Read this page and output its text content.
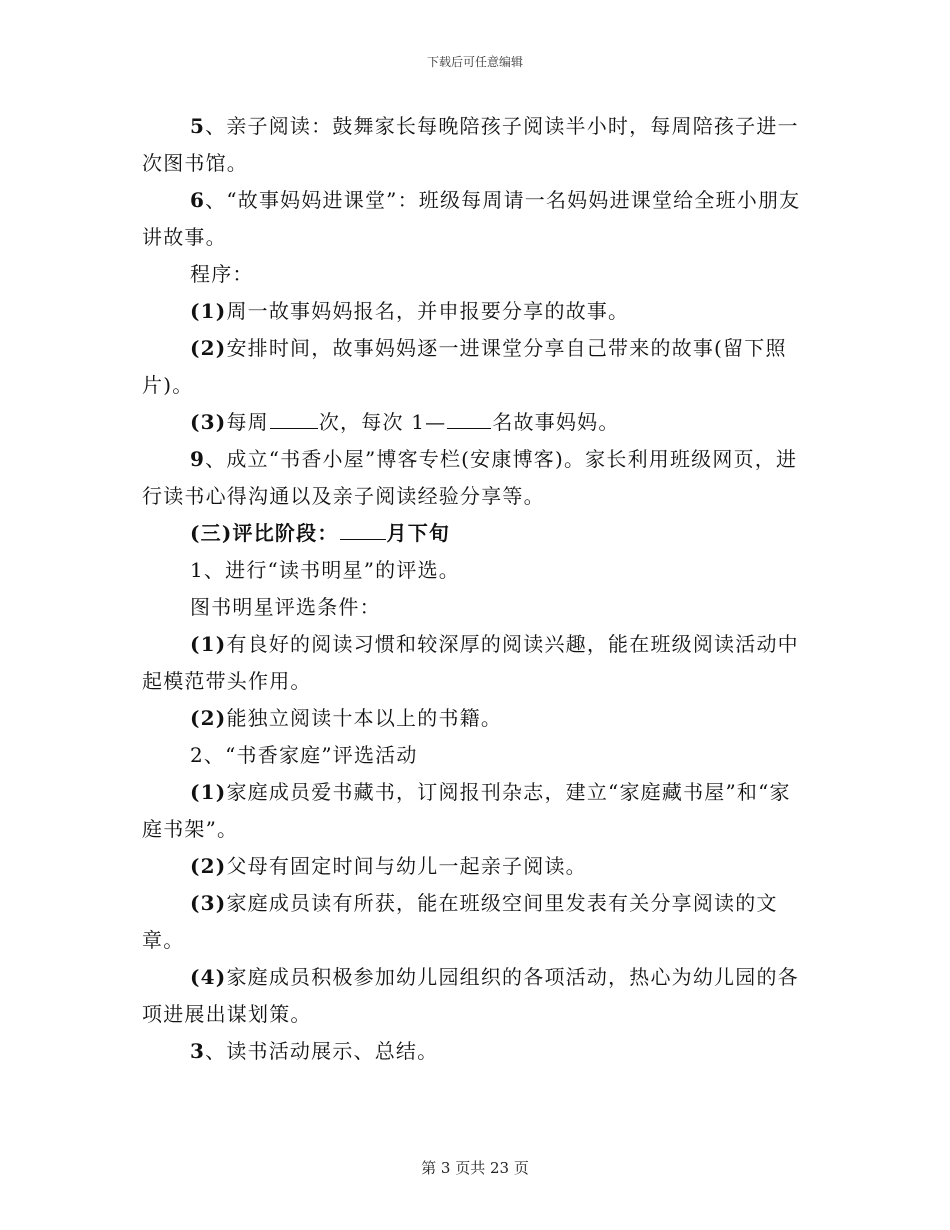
下载后可任意编辑

5、亲子阅读：鼓舞家长每晚陪孩子阅读半小时，每周陪孩子进一次图书馆。

6、“故事妈妈进课堂”：班级每周请一名妈妈进课堂给全班小朋友讲故事。

程序：

(1)周一故事妈妈报名，并申报要分享的故事。

(2)安排时间，故事妈妈逐一进课堂分享自己带来的故事(留下照片)。

(3)每周	次，每次 1— 名故事妈妈。

9、成立“书香小屋”博客专栏(安康博客)。家长利用班级网页，进行读书心得沟通以及亲子阅读经验分享等。

(三)评比阶段： 月下旬

1、进行“读书明星”的评选。

图书明星评选条件：

(1)有良好的阅读习惯和较深厚的阅读兴趣，能在班级阅读活动中起模范带头作用。

(2)能独立阅读十本以上的书籍。

2、“书香家庭”评选活动

(1)家庭成员爱书藏书，订阅报刊杂志，建立“家庭藏书屋”和“家庭书架”。

(2)父母有固定时间与幼儿一起亲子阅读。

(3)家庭成员读有所获，能在班级空间里发表有关分享阅读的文章。

(4)家庭成员积极参加幼儿园组织的各项活动，热心为幼儿园的各项进展出谋划策。

3、读书活动展示、总结。

第 3 页共 23 页
